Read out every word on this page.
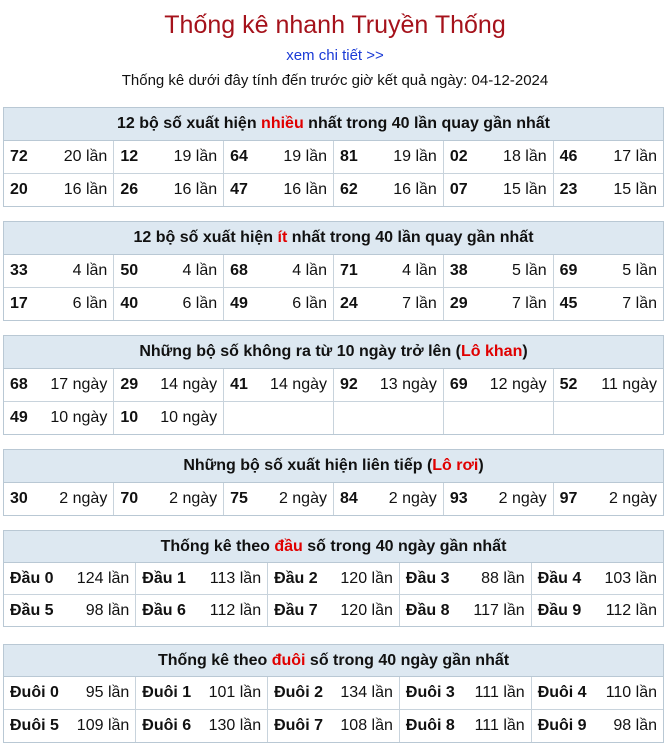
Thống kê nhanh Truyền Thống
xem chi tiết >>
Thống kê dưới đây tính đến trước giờ kết quả ngày: 04-12-2024
12 bộ số xuất hiện nhiều nhất trong 40 lần quay gần nhất
72 20 lần	12 19 lần	64 19 lần	81 19 lần	02 18 lần	46 17 lần

20 16 lần	26 16 lần	47 16 lần	62 16 lần	07 15 lần	23 15 lần
12 bộ số xuất hiện ít nhất trong 40 lần quay gần nhất
33 4 lần	50 4 lần	68 4 lần	71 4 lần	38 5 lần	69 5 lần

17 6 lần	40 6 lần	49 6 lần	24 7 lần	29 7 lần	45 7 lần
Những bộ số không ra từ 10 ngày trở lên (Lô khan)
68 17 ngày	29 14 ngày	41 14 ngày	92 13 ngày	69 12 ngày	52 11 ngày

49 10 ngày	10 10 ngày				

Những bộ số xuất hiện liên tiếp (Lô rơi)
30 2 ngày	70 2 ngày	75 2 ngày	84 2 ngày	93 2 ngày	97 2 ngày
Thống kê theo đầu số trong 40 ngày gần nhất
Đầu 0 124 lần	Đầu 1 113 lần	Đầu 2 120 lần	Đầu 3 88 lần	Đầu 4 103 lần

Đầu 5 98 lần	Đầu 6 112 lần	Đầu 7 120 lần	Đầu 8 117 lần	Đầu 9 112 lần
Thống kê theo đuôi số trong 40 ngày gần nhất
Đuôi 0 95 lần	Đuôi 1 101 lần	Đuôi 2 134 lần	Đuôi 3 111 lần	Đuôi 4 110 lần

Đuôi 5 109 lần	Đuôi 6 130 lần	Đuôi 7 108 lần	Đuôi 8 111 lần	Đuôi 9 98 lần
